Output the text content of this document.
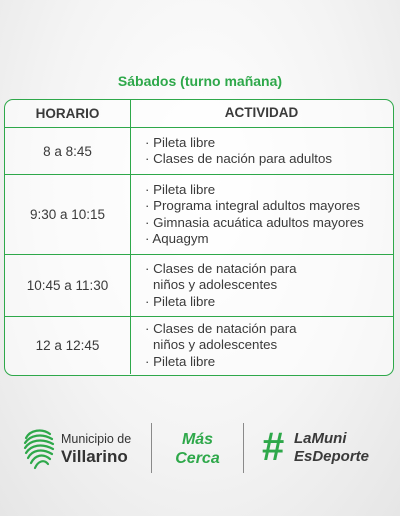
Sábados (turno mañana)
HORARIO	ACTIVIDAD
8 a 8:45
· Pileta libre
· Clases de nación para adultos
9:30 a 10:15
· Pileta libre
· Programa integral adultos mayores
· Gimnasia acuática adultos mayores
· Aquagym
10:45 a 11:30
· Clases de natación para
niños y adolescentes
· Pileta libre
12 a 12:45
· Clases de natación para
niños y adolescentes
· Pileta libre
Municipio de
Villarino
Más
Cerca	# LaMuni
EsDeporte
